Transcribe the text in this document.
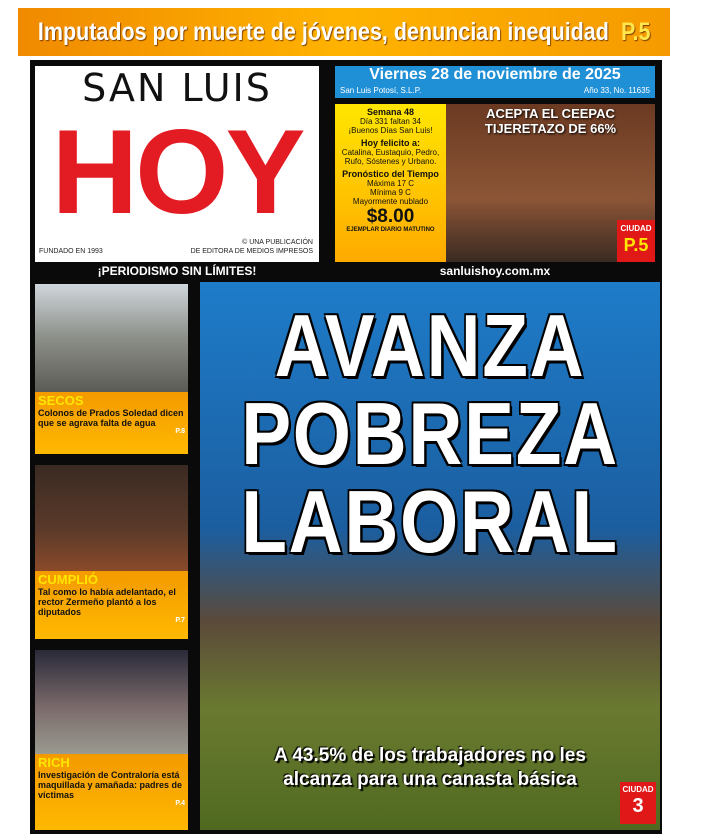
Imputados por muerte de jóvenes, denuncian inequidad P.5
SAN LUIS
HOY
FUNDADO EN 1993
© UNA PUBLICACIÓN
DE EDITORA DE MEDIOS IMPRESOS
¡PERIODISMO SIN LÍMITES!	sanluishoy.com.mx
Viernes 28 de noviembre de 2025
San Luis Potosí, S.L.P.	Año 33, No. 11635
Semana 48
Día 331 faltan 34
¡Buenos Días San Luis!
Hoy felicito a:
Catalina, Eustaquio, Pedro, Rufo, Sóstenes y Urbano.
Pronóstico del Tiempo
Máxima 17 C
Mínima 9 C
Mayormente nublado
$8.00
EJEMPLAR DIARIO MATUTINO
ACEPTA EL CEEPAC
TIJERETAZO DE 66%
CIUDAD
P.5
SECOS
Colonos de Prados Soledad dicen que se agrava falta de agua
P.8
SOLEDAD
CUMPLIÓ
Tal como lo había adelantado, el rector Zermeño plantó a los diputados
P.7
CIUDAD
RICH
Investigación de Contraloría está maquillada y amañada: padres de víctimas
P.4
CIUDAD
AVANZA
POBREZA
LABORAL
A 43.5% de los trabajadores no les
alcanza para una canasta básica	CIUDAD
3
